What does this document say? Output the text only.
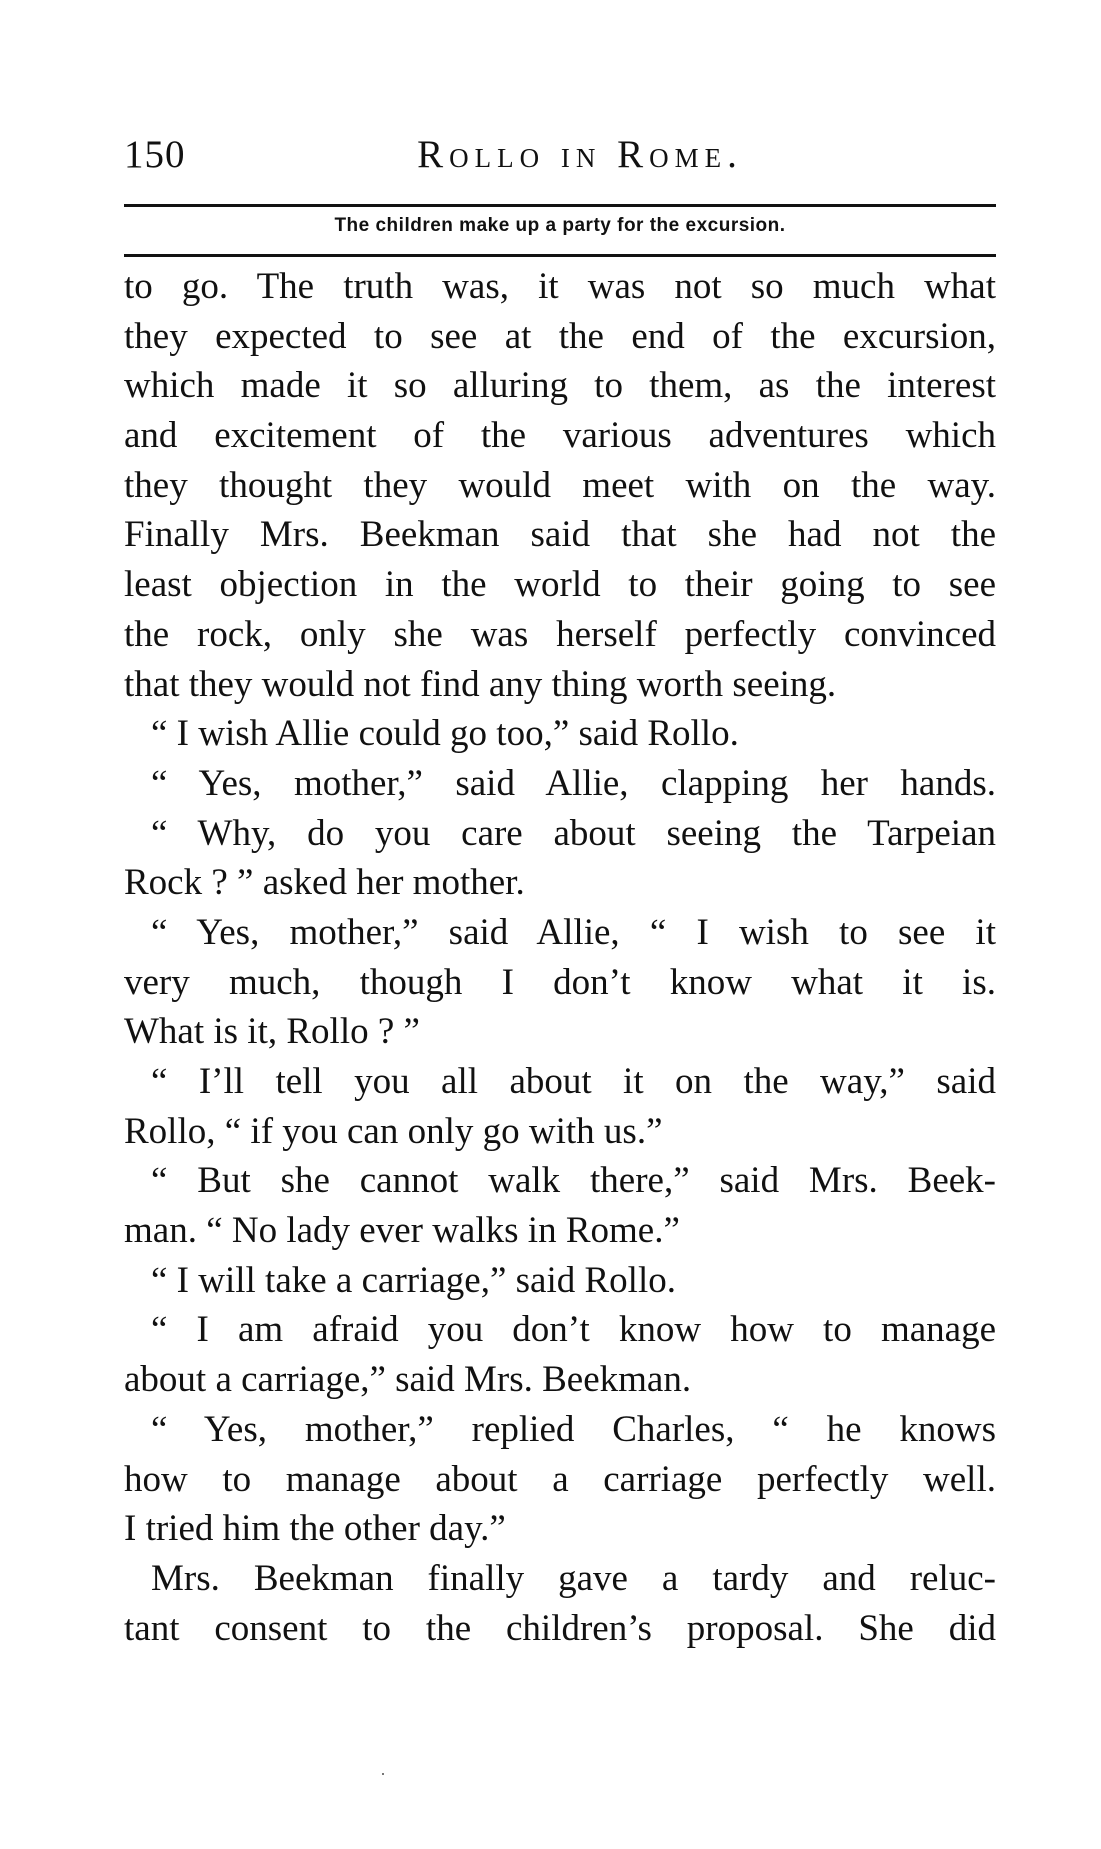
150	Rollo in Rome.
The children make up a party for the excursion.
to go. The truth was, it was not so much what
they expected to see at the end of the excursion,
which made it so alluring to them, as the interest
and excitement of the various adventures which
they thought they would meet with on the way.
Finally Mrs. Beekman said that she had not the
least objection in the world to their going to see
the rock, only she was herself perfectly convinced
that they would not find any thing worth seeing.
“ I wish Allie could go too,” said Rollo.
“ Yes, mother,” said Allie, clapping her hands.
“ Why, do you care about seeing the Tarpeian
Rock ? ” asked her mother.
“ Yes, mother,” said Allie, “ I wish to see it
very much, though I don’t know what it is.
What is it, Rollo ? ”
“ I’ll tell you all about it on the way,” said
Rollo, “ if you can only go with us.”
“ But she cannot walk there,” said Mrs. Beek-
man. “ No lady ever walks in Rome.”
“ I will take a carriage,” said Rollo.
“ I am afraid you don’t know how to manage
about a carriage,” said Mrs. Beekman.
“ Yes, mother,” replied Charles, “ he knows
how to manage about a carriage perfectly well.
I tried him the other day.”
Mrs. Beekman finally gave a tardy and reluc-
tant consent to the children’s proposal. She did
